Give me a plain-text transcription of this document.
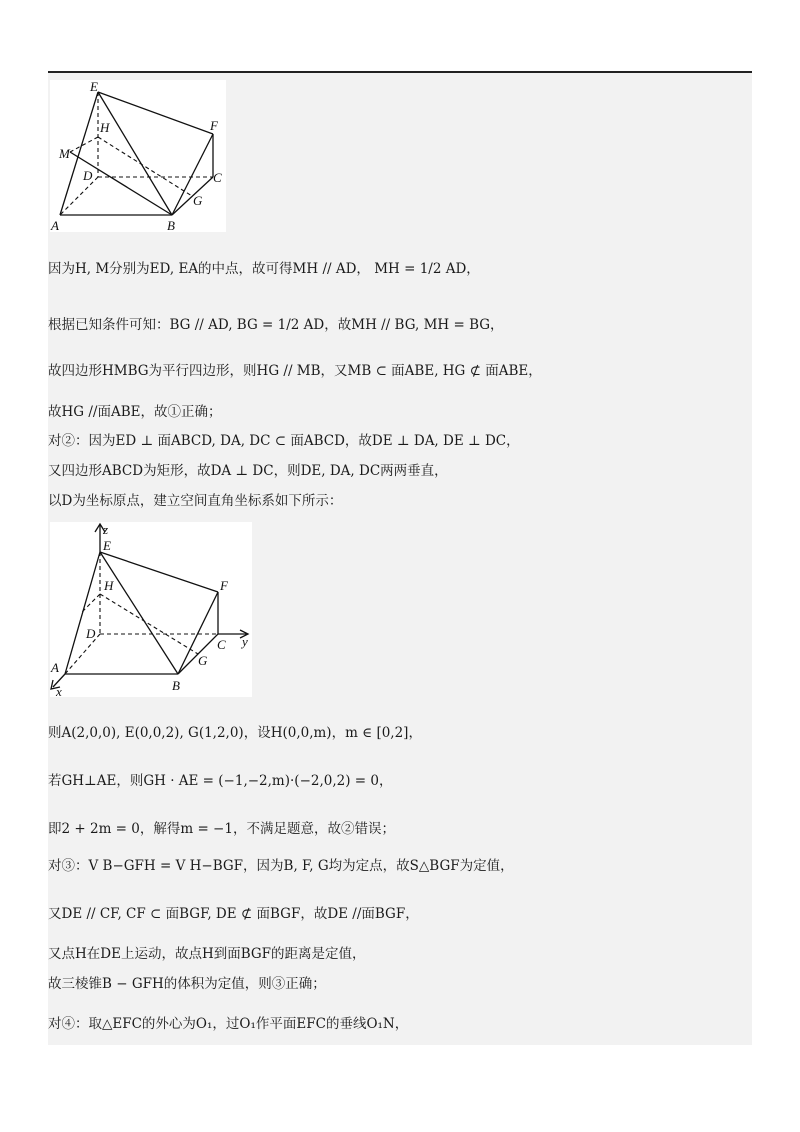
E
H	F
M
D	C
G
A	B
因为H, M分别为ED, EA的中点，故可得MH // AD， MH = 1/2 AD，
根据已知条件可知：BG // AD, BG = 1/2 AD，故MH // BG, MH = BG，
故四边形HMBG为平行四边形，则HG // MB，又MB ⊂ 面ABE, HG ⊄ 面ABE，
故HG //面ABE，故①正确；
对②：因为ED ⊥ 面ABCD, DA, DC ⊂ 面ABCD，故DE ⊥ DA, DE ⊥ DC，
又四边形ABCD为矩形，故DA ⊥ DC，则DE, DA, DC两两垂直，
以D为坐标原点，建立空间直角坐标系如下所示：
z
E
H	F
D
C y
G
A
B
x
则A(2,0,0), E(0,0,2), G(1,2,0)，设H(0,0,m)，m ∈ [0,2]，
若GH⊥AE，则GH · AE = (−1,−2,m)·(−2,0,2) = 0，
即2 + 2m = 0，解得m = −1，不满足题意，故②错误；
对③：V B−GFH = V H−BGF，因为B, F, G均为定点，故S△BGF为定值，
又DE // CF, CF ⊂ 面BGF, DE ⊄ 面BGF，故DE //面BGF，
又点H在DE上运动，故点H到面BGF的距离是定值，
故三棱锥B − GFH的体积为定值，则③正确；
对④：取△EFC的外心为O₁，过O₁作平面EFC的垂线O₁N，
